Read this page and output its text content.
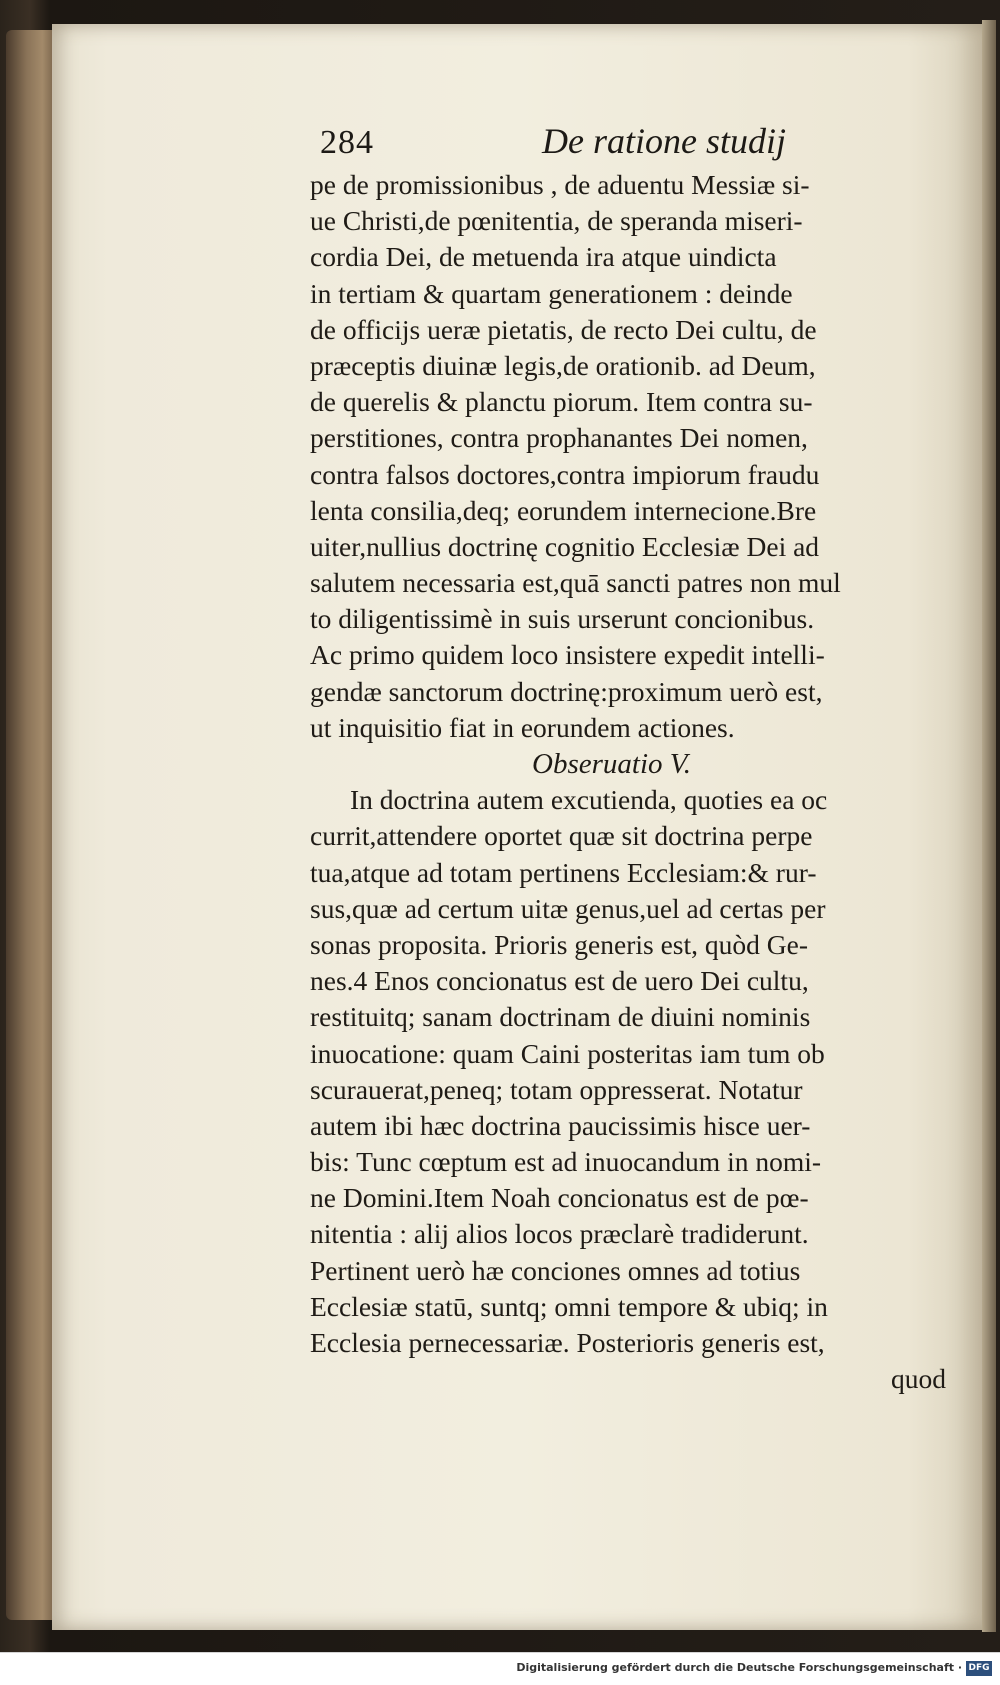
284	De ratione studij
pe de promissionibus , de aduentu Messiæ si-
ue Christi,de pœnitentia, de speranda miseri-
cordia Dei, de metuenda ira atque uindicta
in tertiam & quartam generationem : deinde
de officijs ueræ pietatis, de recto Dei cultu, de
præceptis diuinæ legis,de orationib. ad Deum,
de querelis & planctu piorum. Item contra su-
perstitiones, contra prophanantes Dei nomen,
contra falsos doctores,contra impiorum fraudu
lenta consilia,deq; eorundem internecione.Bre
uiter,nullius doctrinę cognitio Ecclesiæ Dei ad
salutem necessaria est,quā sancti patres non mul
to diligentissimè in suis urserunt concionibus.
Ac primo quidem loco insistere expedit intelli-
gendæ sanctorum doctrinę:proximum uerò est,
ut inquisitio fiat in eorundem actiones.
Obseruatio V.
In doctrina autem excutienda, quoties ea oc
currit,attendere oportet quæ sit doctrina perpe
tua,atque ad totam pertinens Ecclesiam:& rur-
sus,quæ ad certum uitæ genus,uel ad certas per
sonas proposita. Prioris generis est, quòd Ge-
nes.4 Enos concionatus est de uero Dei cultu,
restituitq; sanam doctrinam de diuini nominis
inuocatione: quam Caini posteritas iam tum ob
scurauerat,peneq; totam oppresserat. Notatur
autem ibi hæc doctrina paucissimis hisce uer-
bis: Tunc cœptum est ad inuocandum in nomi-
ne Domini.Item Noah concionatus est de pœ-
nitentia : alij alios locos præclarè tradiderunt.
Pertinent uerò hæ conciones omnes ad totius
Ecclesiæ statū, suntq; omni tempore & ubiq; in
Ecclesia pernecessariæ. Posterioris generis est,
quod
Digitalisierung gefördert durch die Deutsche Forschungsgemeinschaft · DFG
